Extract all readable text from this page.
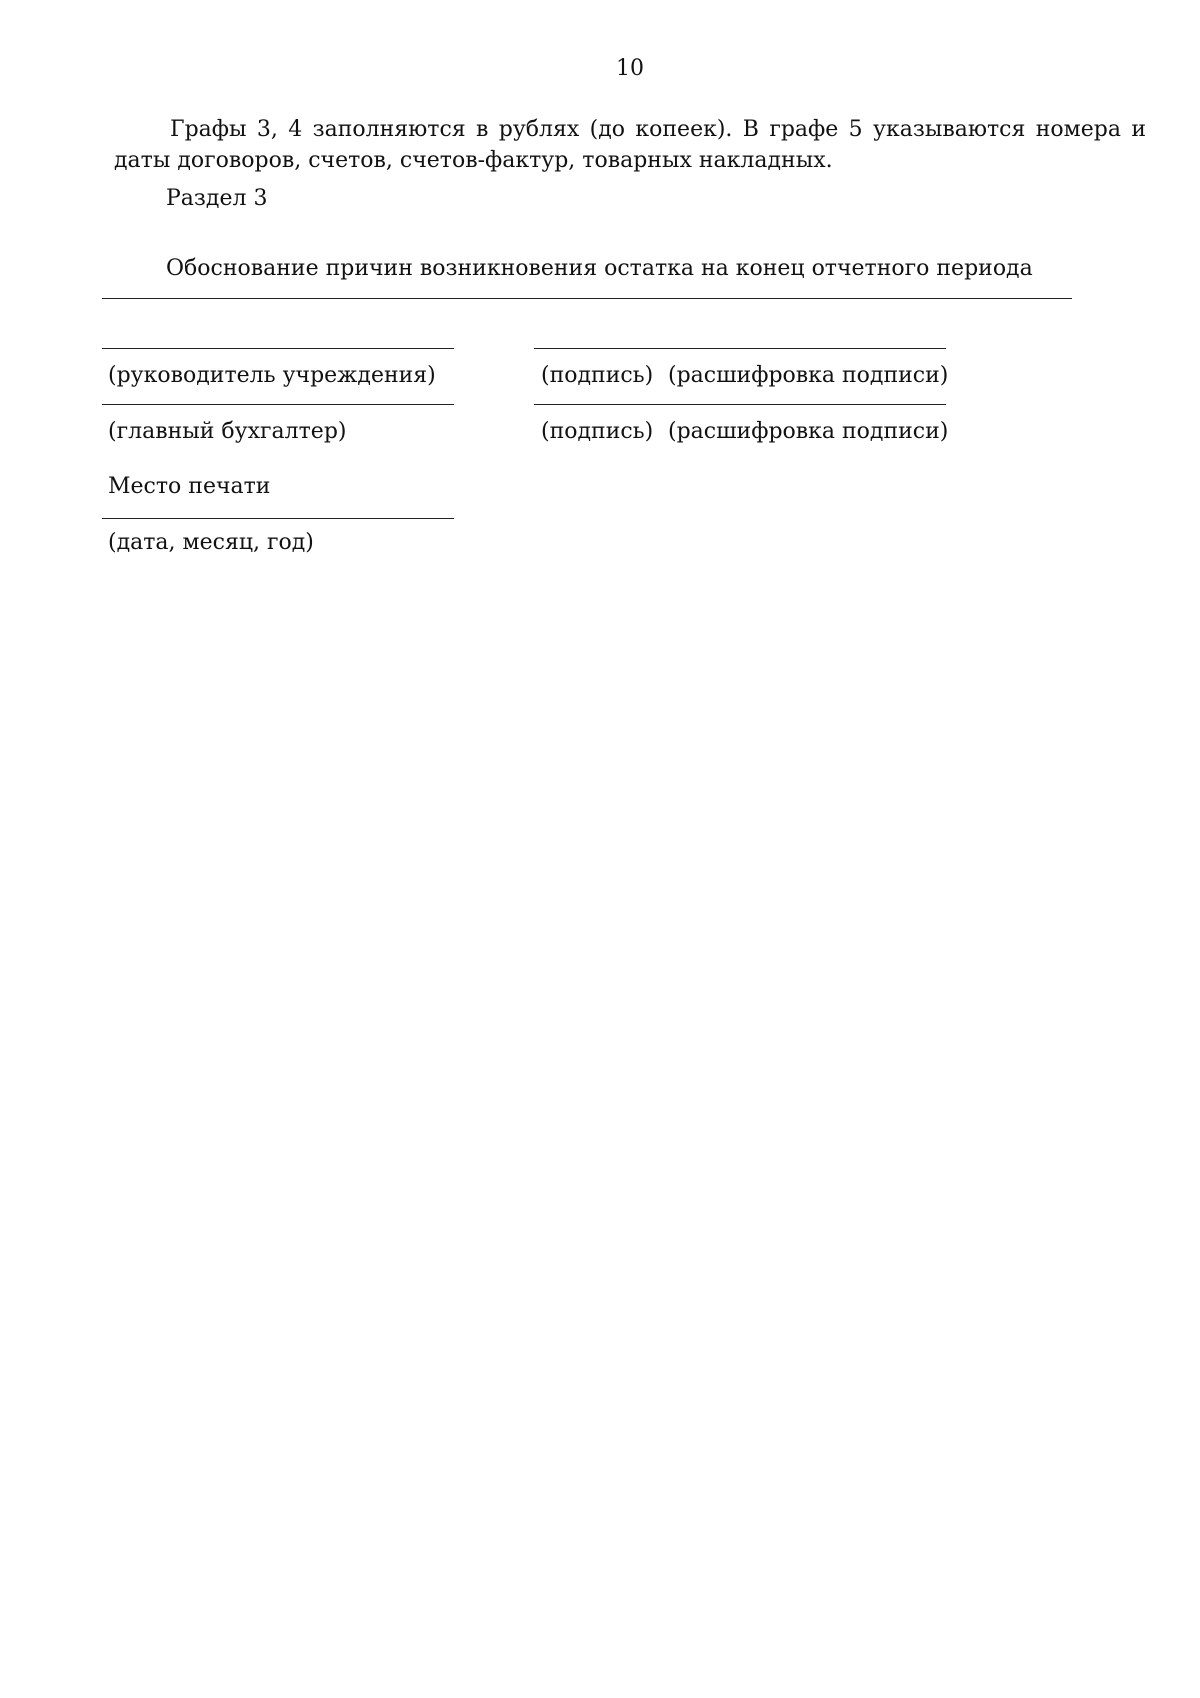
10

Графы 3, 4 заполняются в рублях (до копеек). В графе 5 указываются номера и даты договоров, счетов, счетов-фактур, товарных накладных.

Раздел 3
Обоснование причин возникновения остатка на конец отчетного периода
(руководитель учреждения)	(подпись) (расшифровка подписи)
(главный бухгалтер)	(подпись) (расшифровка подписи)
Место печати
(дата, месяц, год)
